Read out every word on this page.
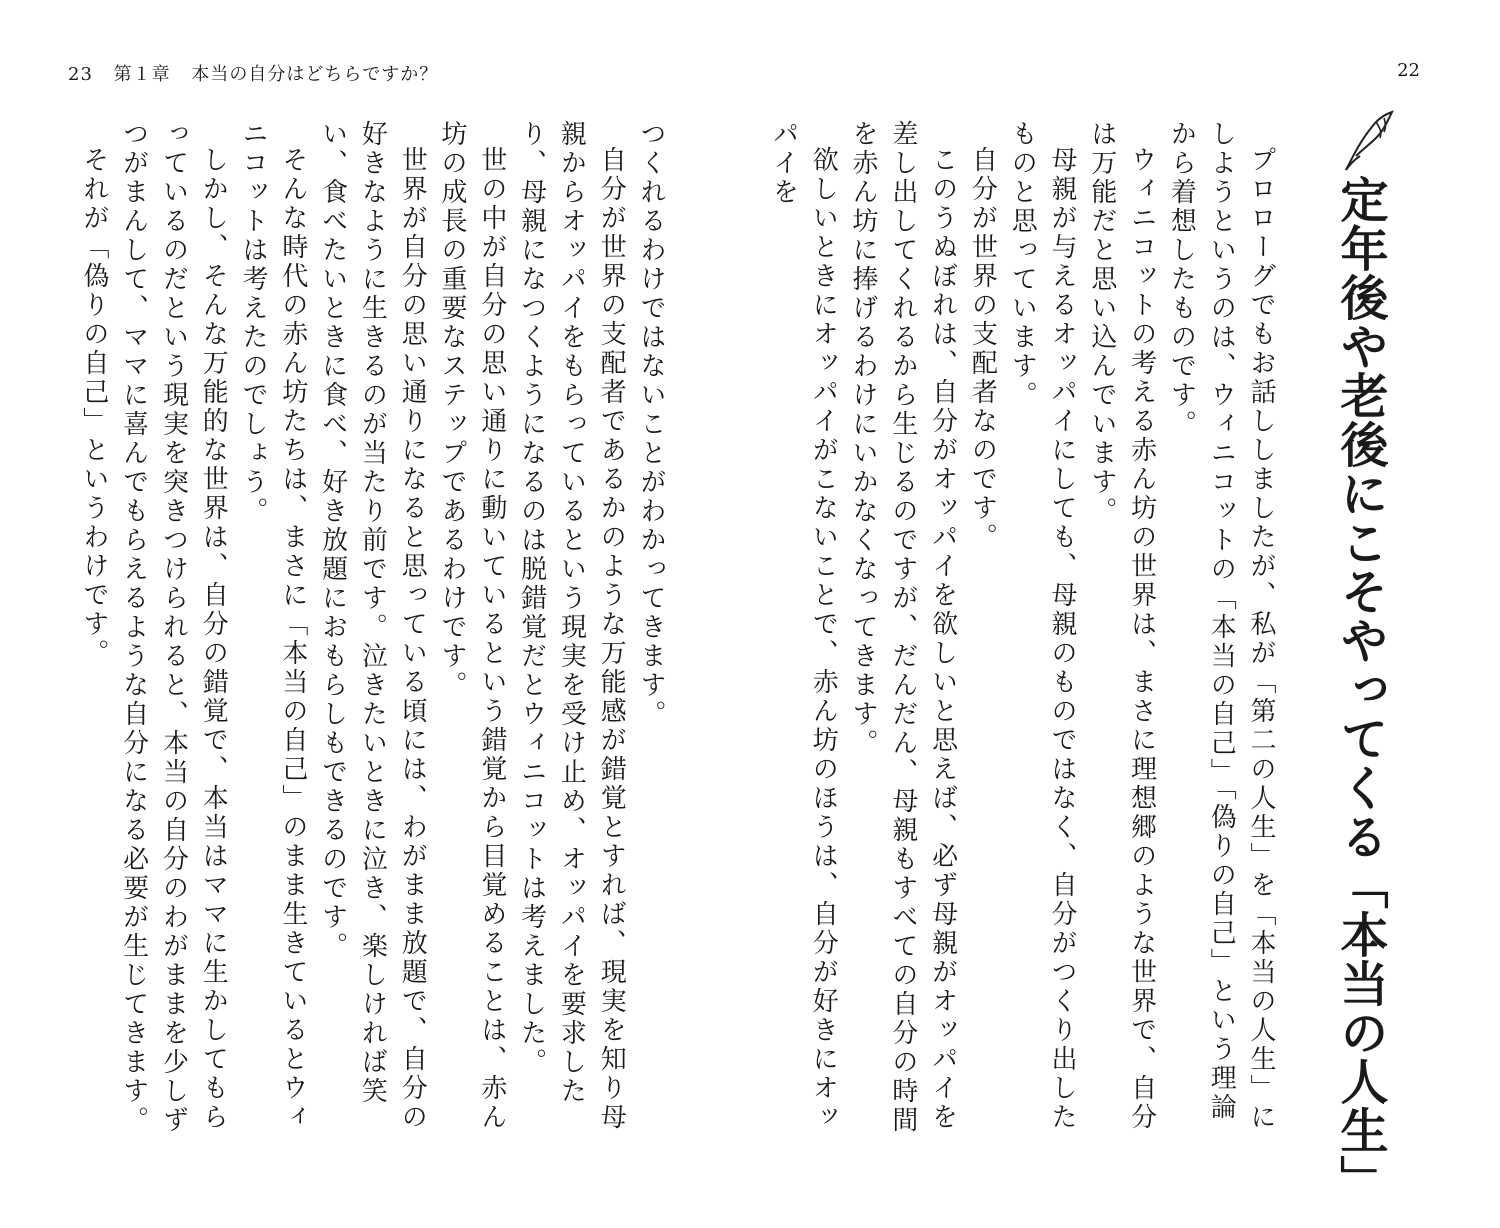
23 第１章 本当の自分はどちらですか？	22
定年後や老後にこそやってくる「本当の人生」

プロローグでもお話ししましたが、私が「第二の人生」を「本当の人生」にしようというのは、ウィニコットの「本当の自己」「偽りの自己」という理論から着想したものです。

ウィニコットの考える赤ん坊の世界は、まさに理想郷のような世界で、自分は万能だと思い込んでいます。

母親が与えるオッパイにしても、母親のものではなく、自分がつくり出したものと思っています。

自分が世界の支配者なのです。

このうぬぼれは、自分がオッパイを欲しいと思えば、必ず母親がオッパイを差し出してくれるから生じるのですが、だんだん、母親もすべての自分の時間を赤ん坊に捧げるわけにいかなくなってきます。

欲しいときにオッパイがこないことで、赤ん坊のほうは、自分が好きにオッパイを

つくれるわけではないことがわかってきます。

自分が世界の支配者であるかのような万能感が錯覚とすれば、現実を知り母親からオッパイをもらっているという現実を受け止め、オッパイを要求したり、母親になつくようになるのは脱錯覚だとウィニコットは考えました。

世の中が自分の思い通りに動いているという錯覚から目覚めることは、赤ん坊の成長の重要なステップであるわけです。

世界が自分の思い通りになると思っている頃には、わがまま放題で、自分の好きなように生きるのが当たり前です。泣きたいときに泣き、楽しければ笑い、食べたいときに食べ、好き放題におもらしもできるのです。

そんな時代の赤ん坊たちは、まさに「本当の自己」のまま生きているとウィニコットは考えたのでしょう。

しかし、そんな万能的な世界は、自分の錯覚で、本当はママに生かしてもらっているのだという現実を突きつけられると、本当の自分のわがままを少しずつがまんして、ママに喜んでもらえるような自分になる必要が生じてきます。

それが「偽りの自己」というわけです。
